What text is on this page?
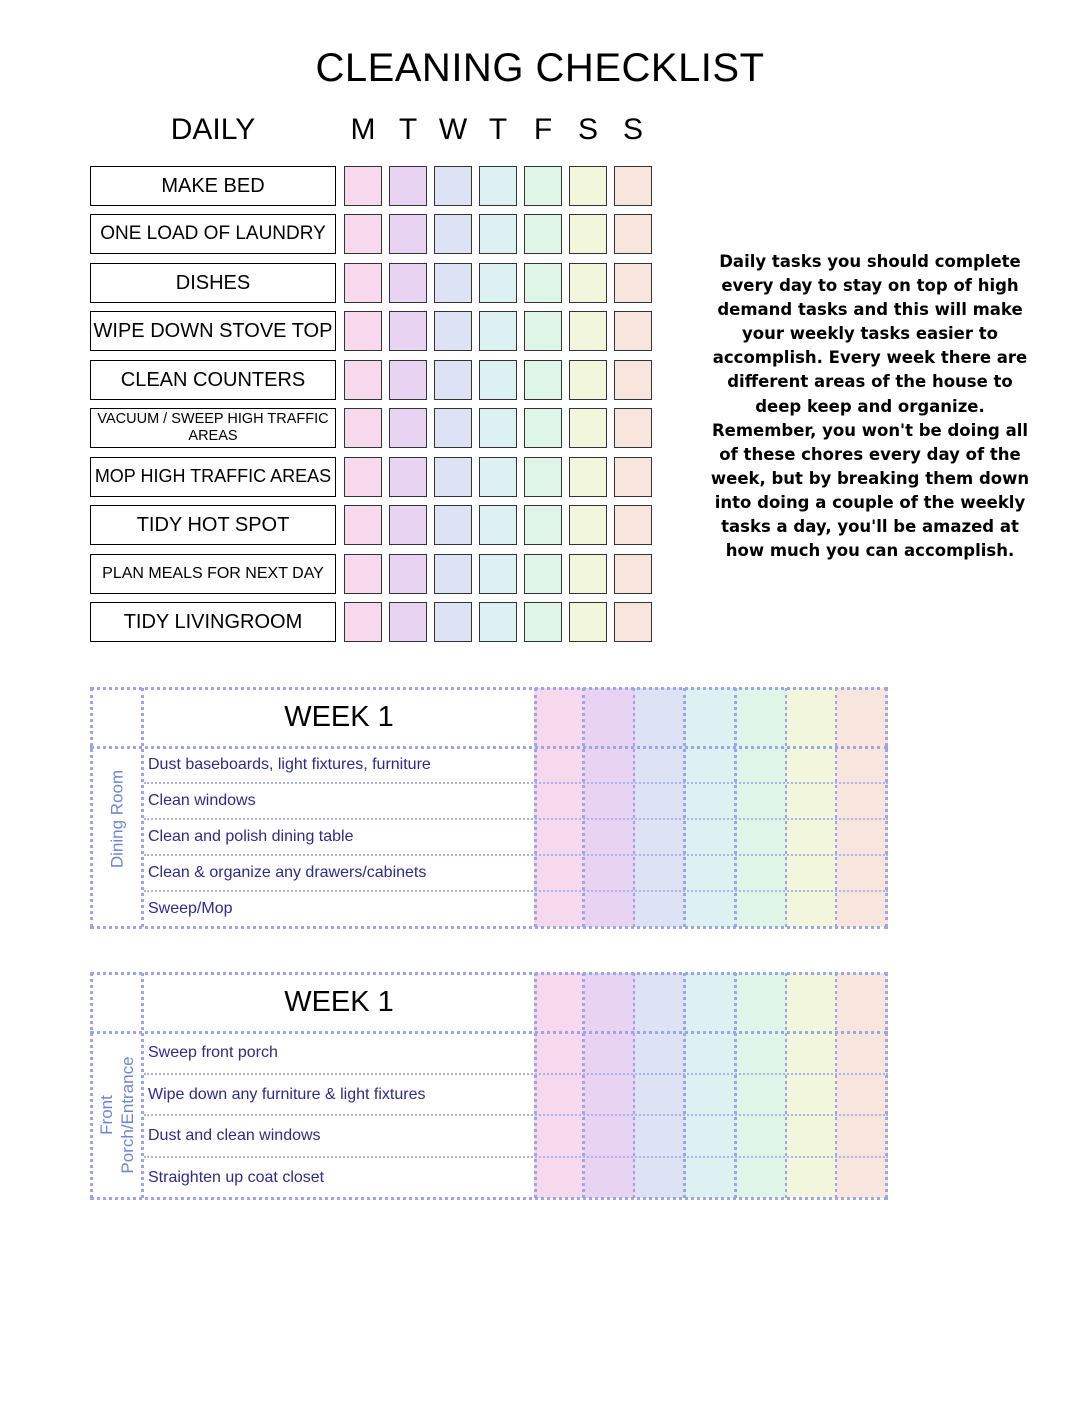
CLEANING CHECKLIST
DAILY	M T W T F S S
MAKE BED
ONE LOAD OF LAUNDRY
DISHES
WIPE DOWN STOVE TOP
CLEAN COUNTERS
VACUUM / SWEEP HIGH TRAFFIC AREAS
MOP HIGH TRAFFIC AREAS
TIDY HOT SPOT
PLAN MEALS FOR NEXT DAY
TIDY LIVINGROOM
Daily tasks you should complete every day to stay on top of high demand tasks and this will make your weekly tasks easier to accomplish. Every week there are different areas of the house to deep keep and organize. Remember, you won't be doing all of these chores every day of the week, but by breaking them down into doing a couple of the weekly tasks a day, you'll be amazed at how much you can accomplish.
Dining Room
WEEK 1
Dust baseboards, light fixtures, furniture
Clean windows
Clean and polish dining table
Clean & organize any drawers/cabinets
Sweep/Mop
Front Porch/Entrance
WEEK 1
Sweep front porch
Wipe down any furniture & light fixtures
Dust and clean windows
Straighten up coat closet
